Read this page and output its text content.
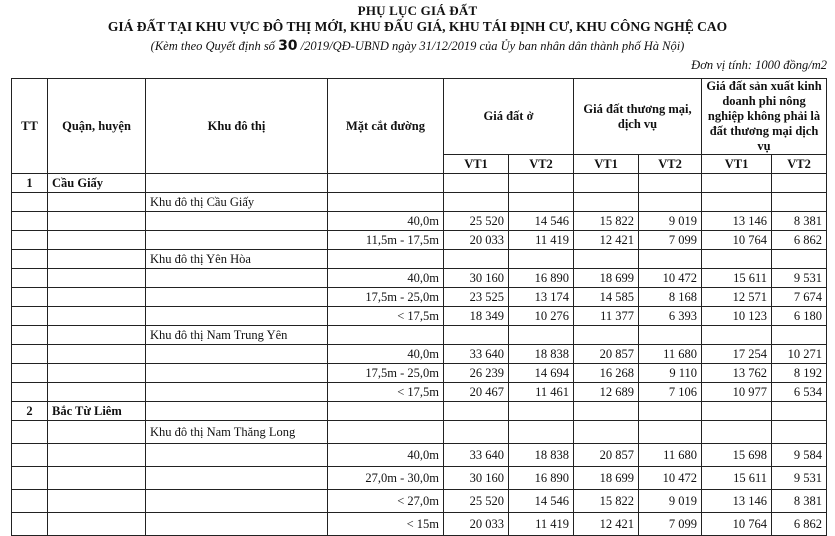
PHỤ LỤC GIÁ ĐẤT
GIÁ ĐẤT TẠI KHU VỰC ĐÔ THỊ MỚI, KHU ĐẤU GIÁ, KHU TÁI ĐỊNH CƯ, KHU CÔNG NGHỆ CAO
(Kèm theo Quyết định số 30 /2019/QĐ-UBND ngày 31/12/2019 của Ủy ban nhân dân thành phố Hà Nội)
Đơn vị tính: 1000 đồng/m2
TT	Quận, huyện	Khu đô thị	Mặt cắt đường	Giá đất ở		Giá đất thương mại, dịch vụ		Giá đất sản xuất kinh doanh phi nông nghiệp không phải là đất thương mại dịch vụ	
				VT1	VT2	VT1	VT2	VT1	VT2
1	Cầu Giấy								
		Khu đô thị Cầu Giấy							
			40,0m	25 520	14 546	15 822	9 019	13 146	8 381
			11,5m - 17,5m	20 033	11 419	12 421	7 099	10 764	6 862
		Khu đô thị Yên Hòa							
			40,0m	30 160	16 890	18 699	10 472	15 611	9 531
			17,5m - 25,0m	23 525	13 174	14 585	8 168	12 571	7 674
			< 17,5m	18 349	10 276	11 377	6 393	10 123	6 180
		Khu đô thị Nam Trung Yên							
			40,0m	33 640	18 838	20 857	11 680	17 254	10 271
			17,5m - 25,0m	26 239	14 694	16 268	9 110	13 762	8 192
			< 17,5m	20 467	11 461	12 689	7 106	10 977	6 534
2	Bắc Từ Liêm								
		Khu đô thị Nam Thăng Long							
			40,0m	33 640	18 838	20 857	11 680	15 698	9 584
			27,0m - 30,0m	30 160	16 890	18 699	10 472	15 611	9 531
			< 27,0m	25 520	14 546	15 822	9 019	13 146	8 381
			< 15m	20 033	11 419	12 421	7 099	10 764	6 862
